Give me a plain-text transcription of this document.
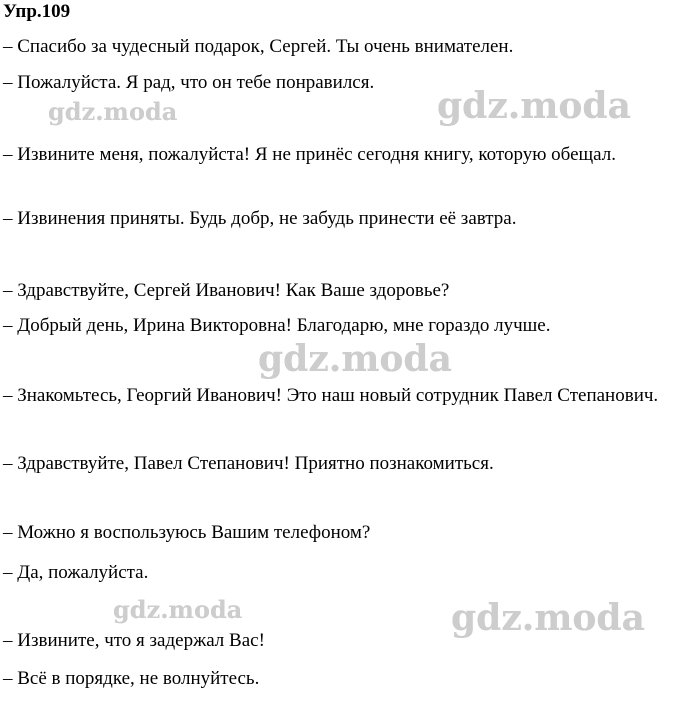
Упр.109
– Спасибо за чудесный подарок, Сергей. Ты очень внимателен.
– Пожалуйста. Я рад, что он тебе понравился.
– Извините меня, пожалуйста! Я не принёс сегодня книгу, которую обещал.
– Извинения приняты. Будь добр, не забудь принести её завтра.
– Здравствуйте, Сергей Иванович! Как Ваше здоровье?
– Добрый день, Ирина Викторовна! Благодарю, мне гораздо лучше.
– Знакомьтесь, Георгий Иванович! Это наш новый сотрудник Павел Степанович.
– Здравствуйте, Павел Степанович! Приятно познакомиться.
– Можно я воспользуюсь Вашим телефоном?
– Да, пожалуйста.
– Извините, что я задержал Вас!
– Всё в порядке, не волнуйтесь.
gdz.moda	gdz.moda
gdz.moda
gdz.moda	gdz.moda
